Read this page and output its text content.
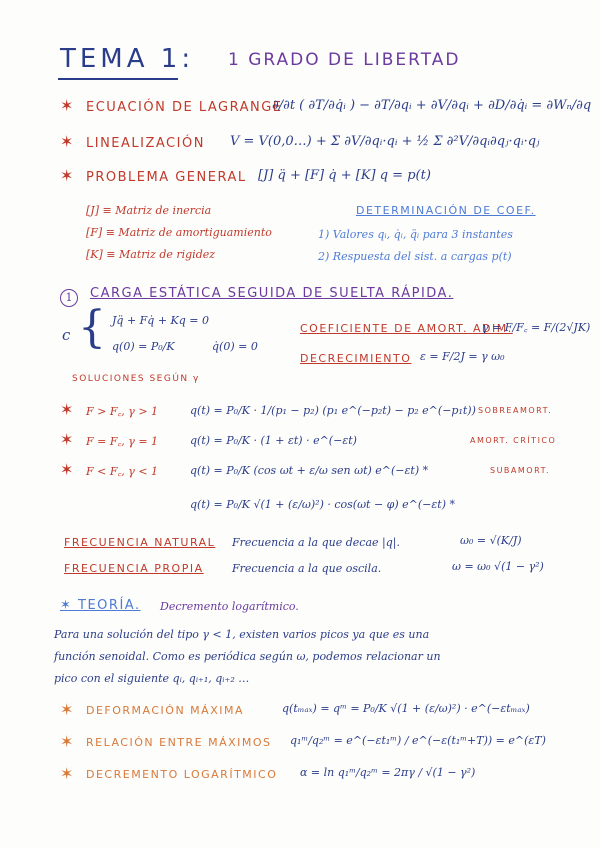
TEMA 1: 1 GRADO DE LIBERTAD
✶ ECUACIÓN DE LAGRANGE
∂/∂t ( ∂T/∂q̇ᵢ ) − ∂T/∂qᵢ + ∂V/∂qᵢ + ∂D/∂q̇ᵢ = ∂Wₙ/∂q
✶ LINEALIZACIÓN V = V(0,0…) + Σ ∂V/∂qᵢ·qᵢ + ½ Σ ∂²V/∂qᵢ∂qⱼ·qᵢ·qⱼ
✶ PROBLEMA GENERAL [J] q̈ + [F] q̇ + [K] q = p(t)
[J] ≡ Matriz de inercia
[F] ≡ Matriz de amortiguamiento
[K] ≡ Matriz de rigidez
DETERMINACIÓN DE COEF.
1) Valores qᵢ, q̇ᵢ, q̈ᵢ para 3 instantes
2) Respuesta del sist. a cargas p(t)
1	CARGA ESTÁTICA SEGUIDA DE SUELTA RÁPIDA.
c { Jq̈ + Fq̇ + Kq = 0
q(0) = P₀/K	q̇(0) = 0
COEFICIENTE DE AMORT. ADIM.
γ = F/F꜀ = F/(2√JK)
DECRECIMIENTO ε = F/2J = γ ω₀
SOLUCIONES SEGÚN γ
✶ F > F꜀, γ > 1	q(t) = P₀/K · 1/(p₁ − p₂) (p₁ e^(−p₂t) − p₂ e^(−p₁t)) SOBREAMORT.
✶ F = F꜀, γ = 1	q(t) = P₀/K · (1 + εt) · e^(−εt)	AMORT. CRÍTICO
✶ F < F꜀, γ < 1	q(t) = P₀/K (cos ωt + ε/ω sen ωt) e^(−εt) *	SUBAMORT.
q(t) = P₀/K √(1 + (ε/ω)²) · cos(ωt − φ) e^(−εt) *
FRECUENCIA NATURAL Frecuencia a la que decae |q|.	ω₀ = √(K/J)
FRECUENCIA PROPIA	Frecuencia a la que oscila.	ω = ω₀ √(1 − γ²)
✶ TEORÍA. Decremento logarítmico.
Para una solución del tipo γ < 1, existen varios picos ya que es una
función senoidal. Como es periódica según ω, podemos relacionar un
pico con el siguiente qᵢ, qᵢ₊₁, qᵢ₊₂ …
✶ DEFORMACIÓN MÁXIMA	q(tₘₐₓ) = qᵐ = P₀/K √(1 + (ε/ω)²) · e^(−εtₘₐₓ)
✶ RELACIÓN ENTRE MÁXIMOS q₁ᵐ/q₂ᵐ = e^(−εt₁ᵐ) / e^(−ε(t₁ᵐ+T)) = e^(εT)
✶ DECREMENTO LOGARÍTMICO α = ln q₁ᵐ/q₂ᵐ = 2πγ / √(1 − γ²)
